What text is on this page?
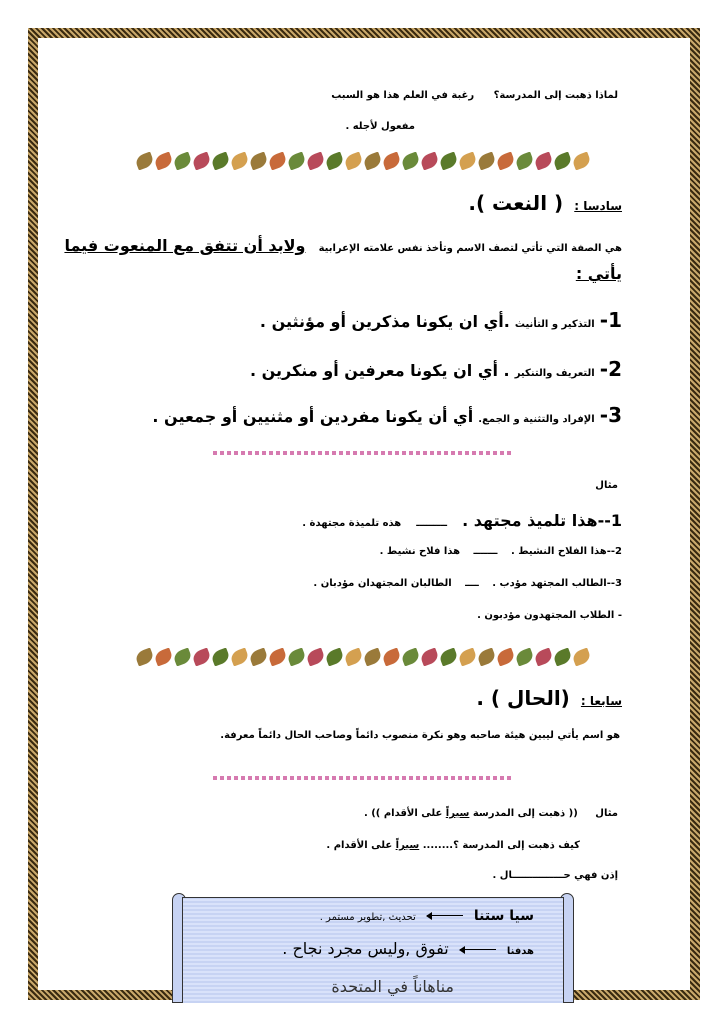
لماذا ذهبت إلى المدرسة؟ رغبة في العلم هذا هو السبب
مفعول لأجله .
سادسا : ( النعت ).
هي الصفة التي تأتي لتصف الاسم وتأخذ نفس علامته الإعرابية ولابد أن تتفق مع المنعوت فيما
يأتي :
1- التذكير و التأنيث .أي ان يكونا مذكرين أو مؤنثين .
2- التعريف والتنكير . أي ان يكونا معرفين أو منكرين .
3- الإفراد والتثنية و الجمع. أي أن يكونا مفردين أو مثنيين أو جمعين .
مثال
1--هذا تلميذ مجتهد . ـــــــــ هذه تلميذة مجتهدة .
2--هذا الفلاح النشيط . ـــــــ هذا فلاح نشيط .
3--الطالب المجتهد مؤدب . ــــ الطالبان المجتهدان مؤدبان .
- الطلاب المجتهدون مؤدبون .
سابعا : (الحال ) .
هو اسم يأتي ليبين هيئة صاحبه وهو نكرة منصوب دائماً وصاحب الحال دائماً معرفة.
مثال (( ذهبت إلى المدرسة سيراً على الأقدام )) .
كيف ذهبت إلى المدرسة ؟........ سيراً على الأقدام .
إذن فهي حـــــــــــــــال .
سيا ستنا  تحديث ,تطوير مستمر .
هدفنا  تفوق ,وليس مجرد نجاح .
مناهاناً في المتحدة
